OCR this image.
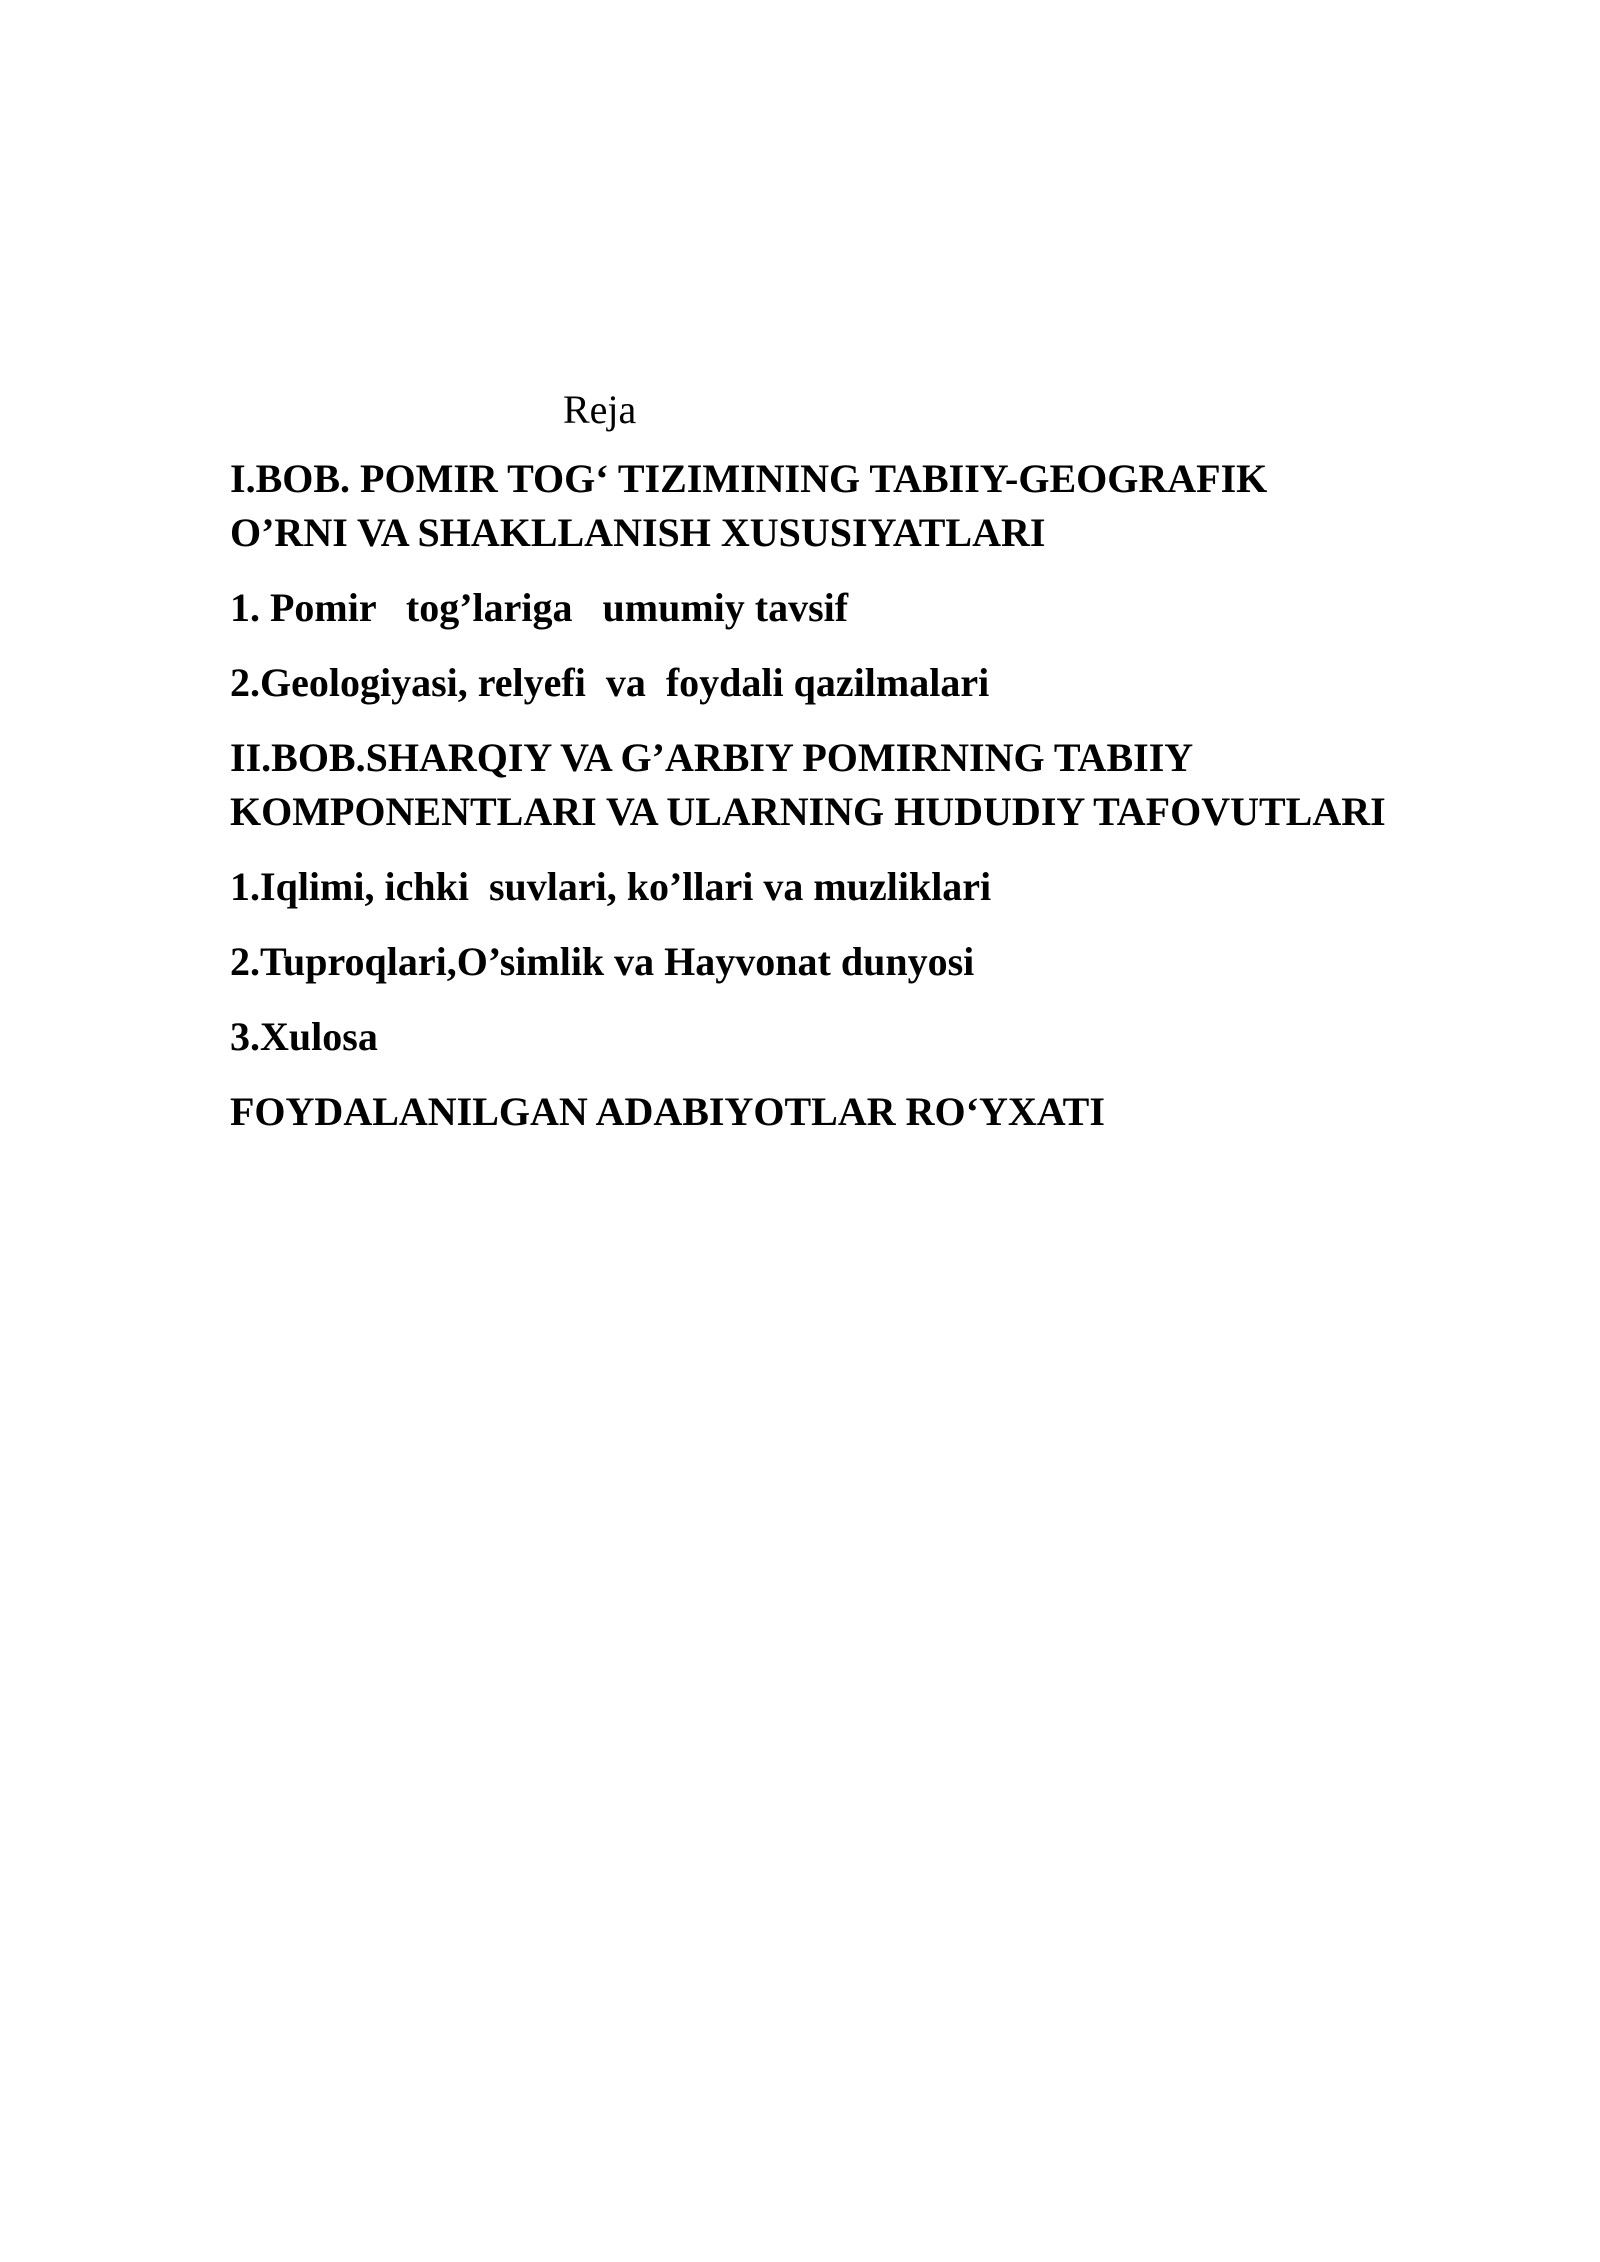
Reja
I.BOB. POMIR TOG‘ TIZIMINING TABIIY-GEOGRAFIK
O’RNI VA SHAKLLANISH XUSUSIYATLARI
1. Pomir   tog’lariga   umumiy tavsif
2.Geologiyasi, relyefi  va  foydali qazilmalari
II.BOB.SHARQIY VA G’ARBIY POMIRNING TABIIY
KOMPONENTLARI VA ULARNING HUDUDIY TAFOVUTLARI
1.Iqlimi, ichki  suvlari, ko’llari va muzliklari
2.Tuproqlari,O’simlik va Hayvonat dunyosi
3.Xulosa
FOYDALANILGAN ADABIYOTLAR RO‘YXATI
